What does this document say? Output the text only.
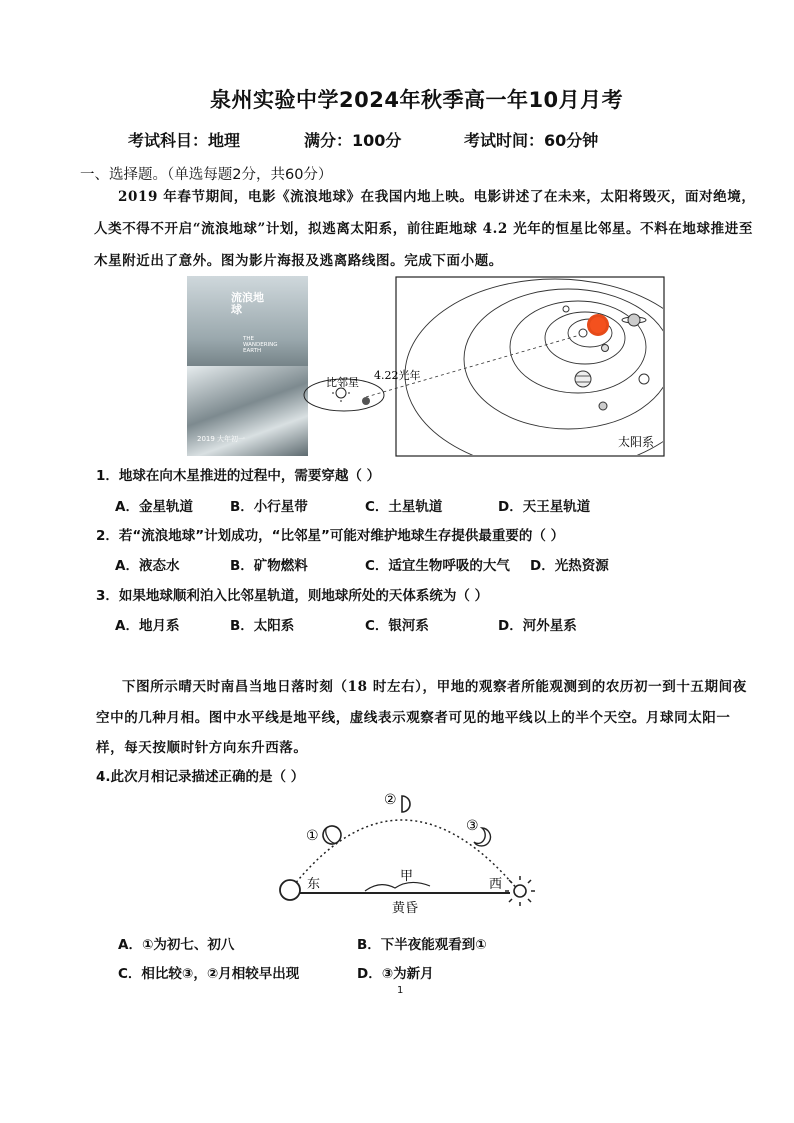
泉州实验中学2024年秋季高一年10月月考
考试科目：地理	满分：100分	考试时间：60分钟
一、选择题。（单选每题2分，共60分）
2019 年春节期间，电影《流浪地球》在我国内地上映。电影讲述了在未来，太阳将毁灭，面对绝境，
人类不得不开启“流浪地球”计划，拟逃离太阳系，前往距地球 4.2 光年的恒星比邻星。不料在地球推进至
木星附近出了意外。图为影片海报及逃离路线图。完成下面小题。
流浪地球
THE WANDERING EARTH
2019 大年初一
比邻星
4.22光年
太阳系
1．地球在向木星推进的过程中，需要穿越（ ）
A．金星轨道	B．小行星带	C．土星轨道	D．天王星轨道
2．若“流浪地球”计划成功，“比邻星”可能对维护地球生存提供最重要的（ ）
A．液态水	B．矿物燃料	C．适宜生物呼吸的大气 D．光热资源
3．如果地球顺利泊入比邻星轨道，则地球所处的天体系统为（ ）
A．地月系	B．太阳系	C．银河系	D．河外星系
下图所示晴天时南昌当地日落时刻（18 时左右），甲地的观察者所能观测到的农历初一到十五期间夜
空中的几种月相。图中水平线是地平线，虚线表示观察者可见的地平线以上的半个天空。月球同太阳一
样，每天按顺时针方向东升西落。
4.此次月相记录描述正确的是（ ）
①
②
③
东
甲
西
黄昏
A．①为初七、初八	B．下半夜能观看到①
C．相比较③，②月相较早出现	D．③为新月
1
